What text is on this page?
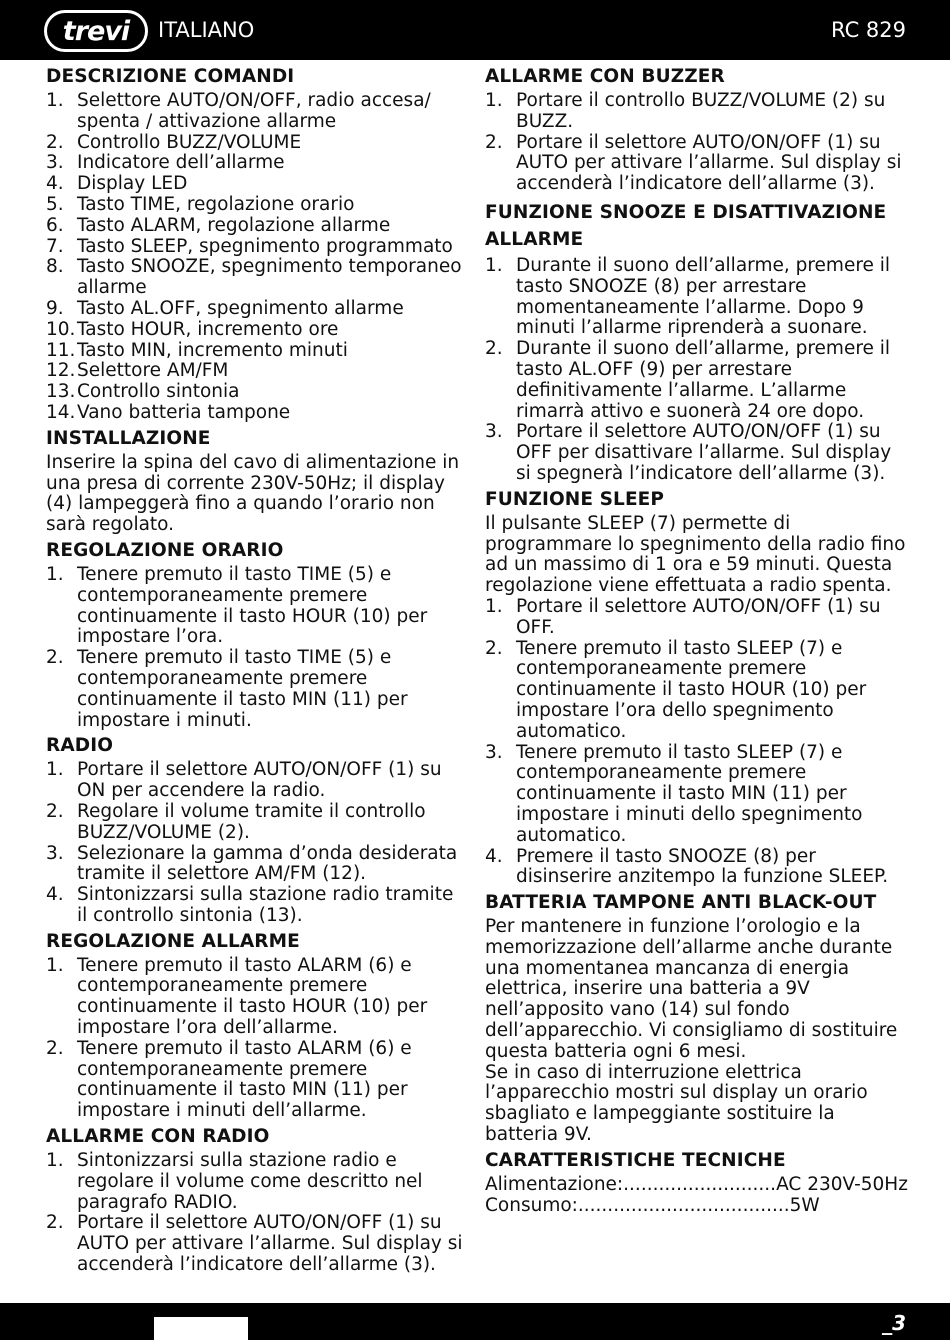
trevi ITALIANO	RC 829
DESCRIZIONE COMANDI
1. Selettore AUTO/ON/OFF, radio accesa/ spenta / attivazione allarme
2. Controllo BUZZ/VOLUME
3. Indicatore dell’allarme
4. Display LED
5. Tasto TIME, regolazione orario
6. Tasto ALARM, regolazione allarme
7. Tasto SLEEP, spegnimento programmato
8. Tasto SNOOZE, spegnimento temporaneo allarme
9. Tasto AL.OFF, spegnimento allarme
10. Tasto HOUR, incremento ore
11. Tasto MIN, incremento minuti
12. Selettore AM/FM
13. Controllo sintonia
14. Vano batteria tampone
INSTALLAZIONE

Inserire la spina del cavo di alimentazione in una presa di corrente 230V-50Hz; il display (4) lampeggerà fino a quando l’orario non sarà regolato.

REGOLAZIONE ORARIO
1. Tenere premuto il tasto TIME (5) e contemporaneamente premere continuamente il tasto HOUR (10) per impostare l’ora.
2. Tenere premuto il tasto TIME (5) e contemporaneamente premere continuamente il tasto MIN (11) per impostare i minuti.
RADIO
1. Portare il selettore AUTO/ON/OFF (1) su ON per accendere la radio.
2. Regolare il volume tramite il controllo BUZZ/VOLUME (2).
3. Selezionare la gamma d’onda desiderata tramite il selettore AM/FM (12).
4. Sintonizzarsi sulla stazione radio tramite il controllo sintonia (13).
REGOLAZIONE ALLARME
1. Tenere premuto il tasto ALARM (6) e contemporaneamente premere continuamente il tasto HOUR (10) per impostare l’ora dell’allarme.
2. Tenere premuto il tasto ALARM (6) e contemporaneamente premere continuamente il tasto MIN (11) per impostare i minuti dell’allarme.
ALLARME CON RADIO
1. Sintonizzarsi sulla stazione radio e regolare il volume come descritto nel paragrafo RADIO.
2. Portare il selettore AUTO/ON/OFF (1) su AUTO per attivare l’allarme. Sul display si accenderà l’indicatore dell’allarme (3).
ALLARME CON BUZZER
1. Portare il controllo BUZZ/VOLUME (2) su BUZZ.
2. Portare il selettore AUTO/ON/OFF (1) su AUTO per attivare l’allarme. Sul display si accenderà l’indicatore dell’allarme (3).
FUNZIONE SNOOZE E DISATTIVAZIONE ALLARME
1. Durante il suono dell’allarme, premere il tasto SNOOZE (8) per arrestare momentaneamente l’allarme. Dopo 9 minuti l’allarme riprenderà a suonare.
2. Durante il suono dell’allarme, premere il tasto AL.OFF (9) per arrestare definitivamente l’allarme. L’allarme rimarrà attivo e suonerà 24 ore dopo.
3. Portare il selettore AUTO/ON/OFF (1) su OFF per disattivare l’allarme. Sul display si spegnerà l’indicatore dell’allarme (3).
FUNZIONE SLEEP

Il pulsante SLEEP (7) permette di programmare lo spegnimento della radio fino ad un massimo di 1 ora e 59 minuti. Questa regolazione viene effettuata a radio spenta.

1. Portare il selettore AUTO/ON/OFF (1) su OFF.
2. Tenere premuto il tasto SLEEP (7) e contemporaneamente premere continuamente il tasto HOUR (10) per impostare l’ora dello spegnimento automatico.
3. Tenere premuto il tasto SLEEP (7) e contemporaneamente premere continuamente il tasto MIN (11) per impostare i minuti dello spegnimento automatico.
4. Premere il tasto SNOOZE (8) per disinserire anzitempo la funzione SLEEP.
BATTERIA TAMPONE ANTI BLACK-OUT

Per mantenere in funzione l’orologio e la memorizzazione dell’allarme anche durante una momentanea mancanza di energia elettrica, inserire una batteria a 9V nell’apposito vano (14) sul fondo dell’apparecchio. Vi consigliamo di sostituire questa batteria ogni 6 mesi.

Se in caso di interruzione elettrica l’apparecchio mostri sul display un orario sbagliato e lampeggiante sostituire la batteria 9V.

CARATTERISTICHE TECNICHE
Alimentazione: .......................... AC 230V-50Hz
Consumo: .................................... 5W
_3
